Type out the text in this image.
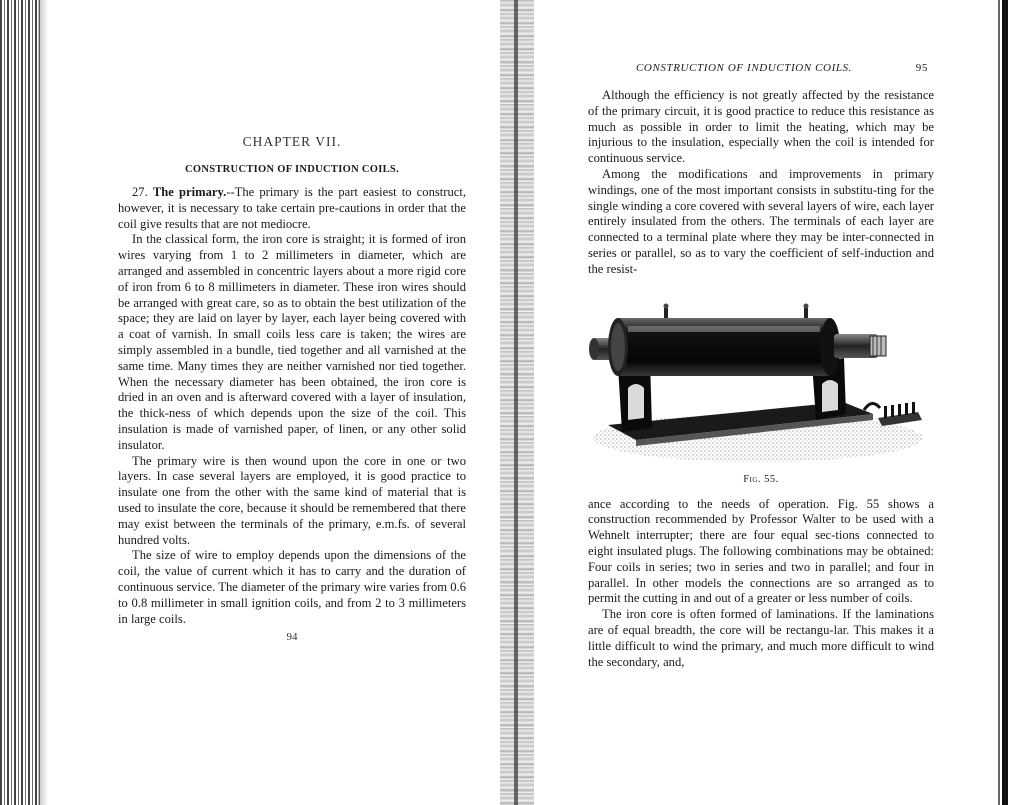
CHAPTER VII.
CONSTRUCTION OF INDUCTION COILS.

27. The primary.--The primary is the part easiest to construct, however, it is necessary to take certain pre-cautions in order that the coil give results that are not mediocre.

In the classical form, the iron core is straight; it is formed of iron wires varying from 1 to 2 millimeters in diameter, which are arranged and assembled in concentric layers about a more rigid core of iron from 6 to 8 millimeters in diameter. These iron wires should be arranged with great care, so as to obtain the best utilization of the space; they are laid on layer by layer, each layer being covered with a coat of varnish. In small coils less care is taken; the wires are simply assembled in a bundle, tied together and all varnished at the same time. Many times they are neither varnished nor tied together. When the necessary diameter has been obtained, the iron core is dried in an oven and is afterward covered with a layer of insulation, the thick-ness of which depends upon the size of the coil. This insulation is made of varnished paper, of linen, or any other solid insulator.

The primary wire is then wound upon the core in one or two layers. In case several layers are employed, it is good practice to insulate one from the other with the same kind of material that is used to insulate the core, because it should be remembered that there may exist between the terminals of the primary, e.m.fs. of several hundred volts.

The size of wire to employ depends upon the dimensions of the coil, the value of current which it has to carry and the duration of continuous service. The diameter of the primary wire varies from 0.6 to 0.8 millimeter in small ignition coils, and from 2 to 3 millimeters in large coils.

94
CONSTRUCTION OF INDUCTION COILS.	95

Although the efficiency is not greatly affected by the resistance of the primary circuit, it is good practice to reduce this resistance as much as possible in order to limit the heating, which may be injurious to the insulation, especially when the coil is intended for continuous service.

Among the modifications and improvements in primary windings, one of the most important consists in substitu-ting for the single winding a core covered with several layers of wire, each layer entirely insulated from the others. The terminals of each layer are connected to a terminal plate where they may be inter-connected in series or parallel, so as to vary the coefficient of self-induction and the resist-

Fig. 55.

ance according to the needs of operation. Fig. 55 shows a construction recommended by Professor Walter to be used with a Wehnelt interrupter; there are four equal sec-tions connected to eight insulated plugs. The following combinations may be obtained: Four coils in series; two in series and two in parallel; and four in parallel. In other models the connections are so arranged as to permit the cutting in and out of a greater or less number of coils.

The iron core is often formed of laminations. If the laminations are of equal breadth, the core will be rectangu-lar. This makes it a little difficult to wind the primary, and much more difficult to wind the secondary, and,
